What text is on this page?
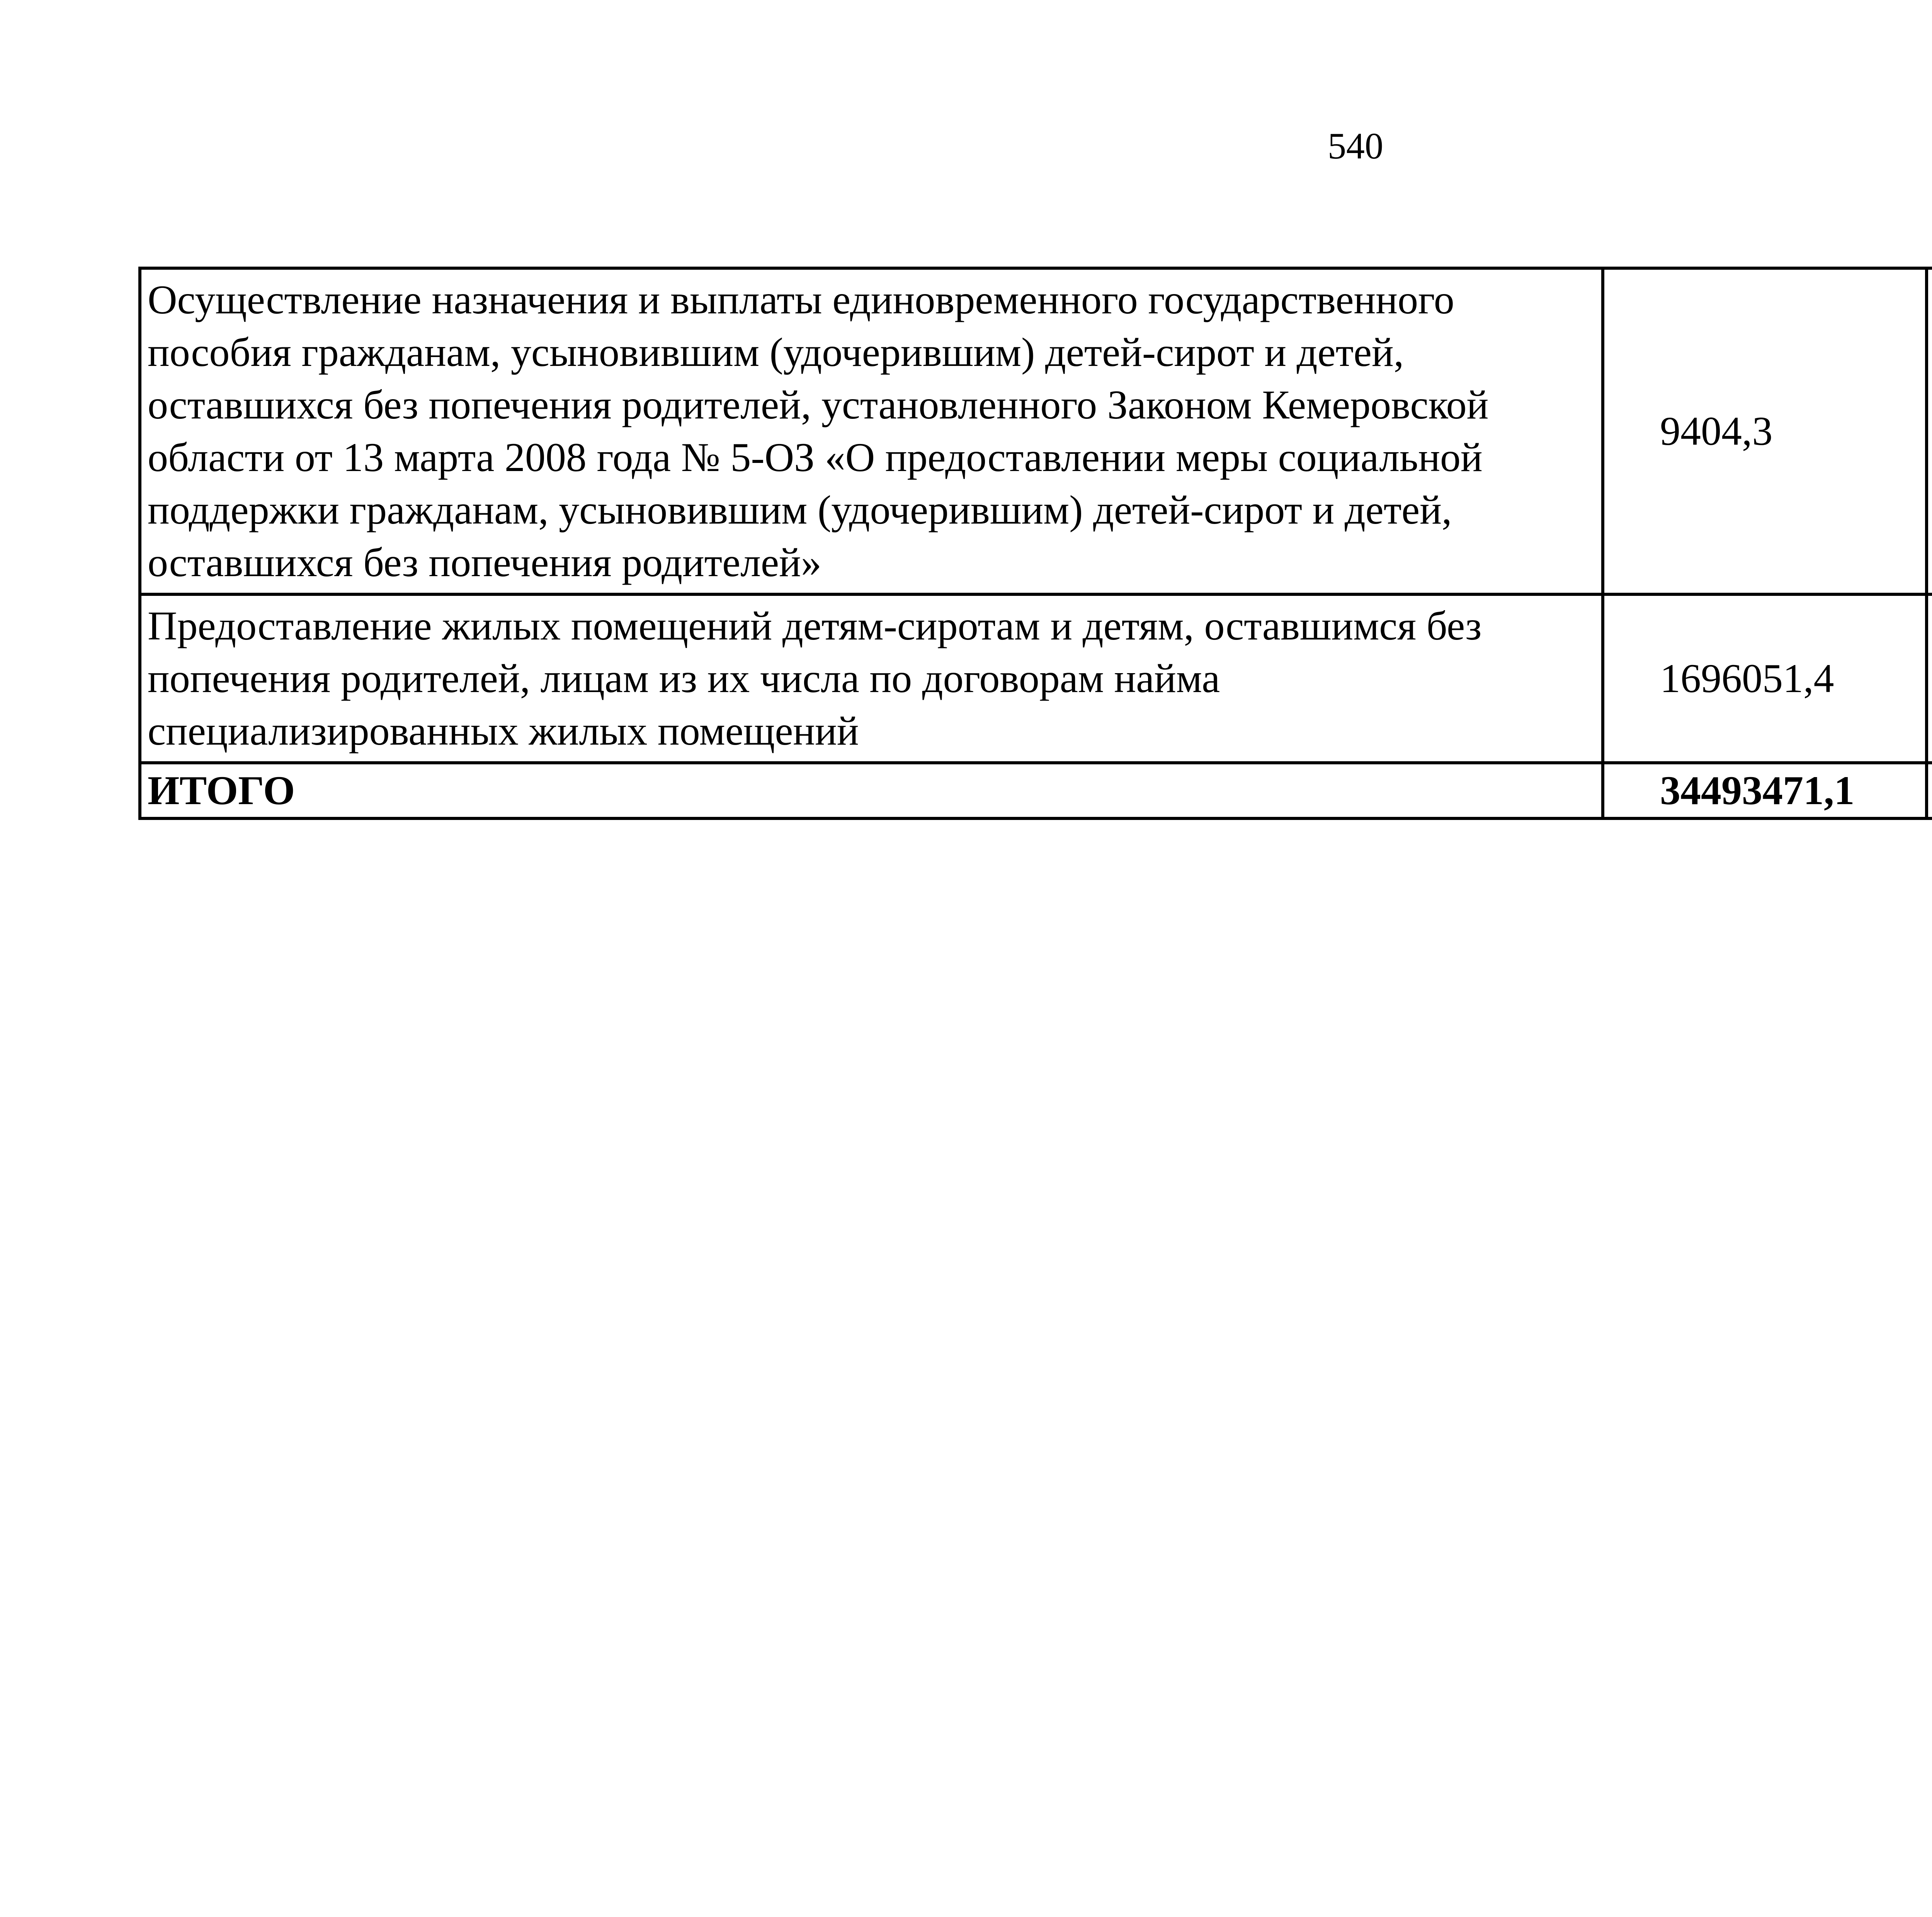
540
Осуществление назначения и выплаты единовременного государственного пособия гражданам, усыновившим (удочерившим) детей-сирот и детей, оставшихся без попечения родителей, установленного Законом Кемеровской области от 13 марта 2008 года № 5-ОЗ «О предоставлении меры социальной поддержки гражданам, усыновившим (удочерившим) детей-сирот и детей, оставшихся без попечения родителей»	9404,3		
Предоставление жилых помещений детям-сиротам и детям, оставшимся без попечения родителей, лицам из их числа по договорам найма специализированных жилых помещений	1696051,4		
ИТОГО	34493471,1		
